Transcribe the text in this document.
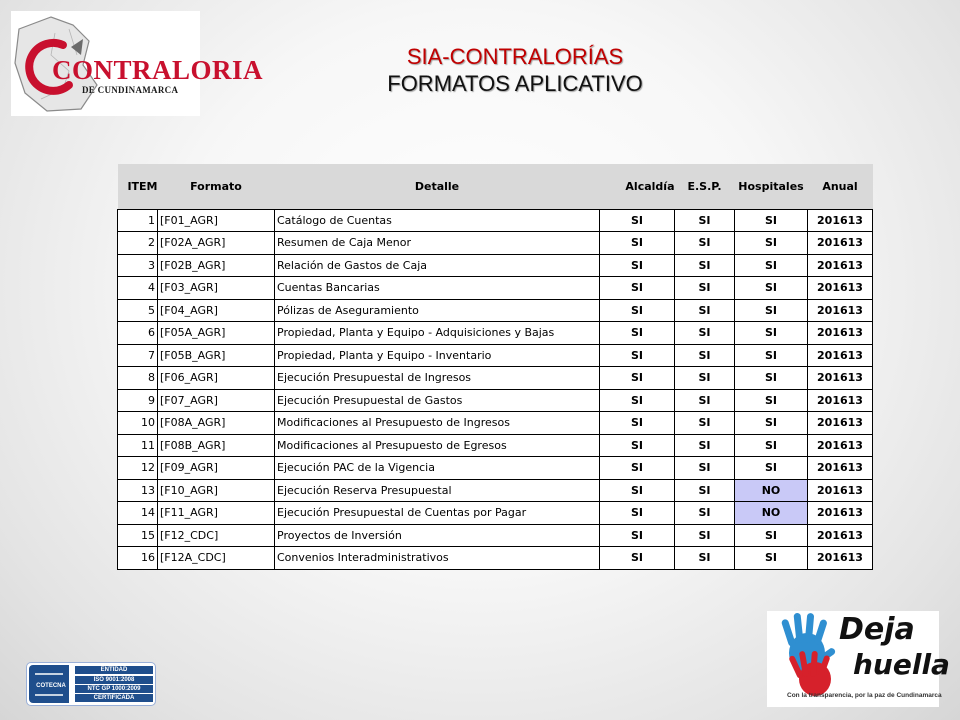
CONTRALORIA
DE CUNDINAMARCA
SIA-CONTRALORÍAS
FORMATOS APLICATIVO
ITEM	Formato	Detalle	Alcaldía	E.S.P.	Hospitales	Anual
1	[F01_AGR]	Catálogo de Cuentas	SI	SI	SI	201613
2	[F02A_AGR]	Resumen de Caja Menor	SI	SI	SI	201613
3	[F02B_AGR]	Relación de Gastos de Caja	SI	SI	SI	201613
4	[F03_AGR]	Cuentas Bancarias	SI	SI	SI	201613
5	[F04_AGR]	Pólizas de Aseguramiento	SI	SI	SI	201613
6	[F05A_AGR]	Propiedad, Planta y Equipo - Adquisiciones y Bajas	SI	SI	SI	201613
7	[F05B_AGR]	Propiedad, Planta y Equipo - Inventario	SI	SI	SI	201613
8	[F06_AGR]	Ejecución Presupuestal de Ingresos	SI	SI	SI	201613
9	[F07_AGR]	Ejecución Presupuestal de Gastos	SI	SI	SI	201613
10	[F08A_AGR]	Modificaciones al Presupuesto de Ingresos	SI	SI	SI	201613
11	[F08B_AGR]	Modificaciones al Presupuesto de Egresos	SI	SI	SI	201613
12	[F09_AGR]	Ejecución PAC de la Vigencia	SI	SI	SI	201613
13	[F10_AGR]	Ejecución Reserva Presupuestal	SI	SI	NO	201613
14	[F11_AGR]	Ejecución Presupuestal de Cuentas por Pagar	SI	SI	NO	201613
15	[F12_CDC]	Proyectos de Inversión	SI	SI	SI	201613
16	[F12A_CDC]	Convenios Interadministrativos	SI	SI	SI	201613
COTECNA
ENTIDAD
ISO 9001:2008
NTC GP 1000:2009
CERTIFICADA
Deja
huella
Con la transparencia, por la paz de Cundinamarca
